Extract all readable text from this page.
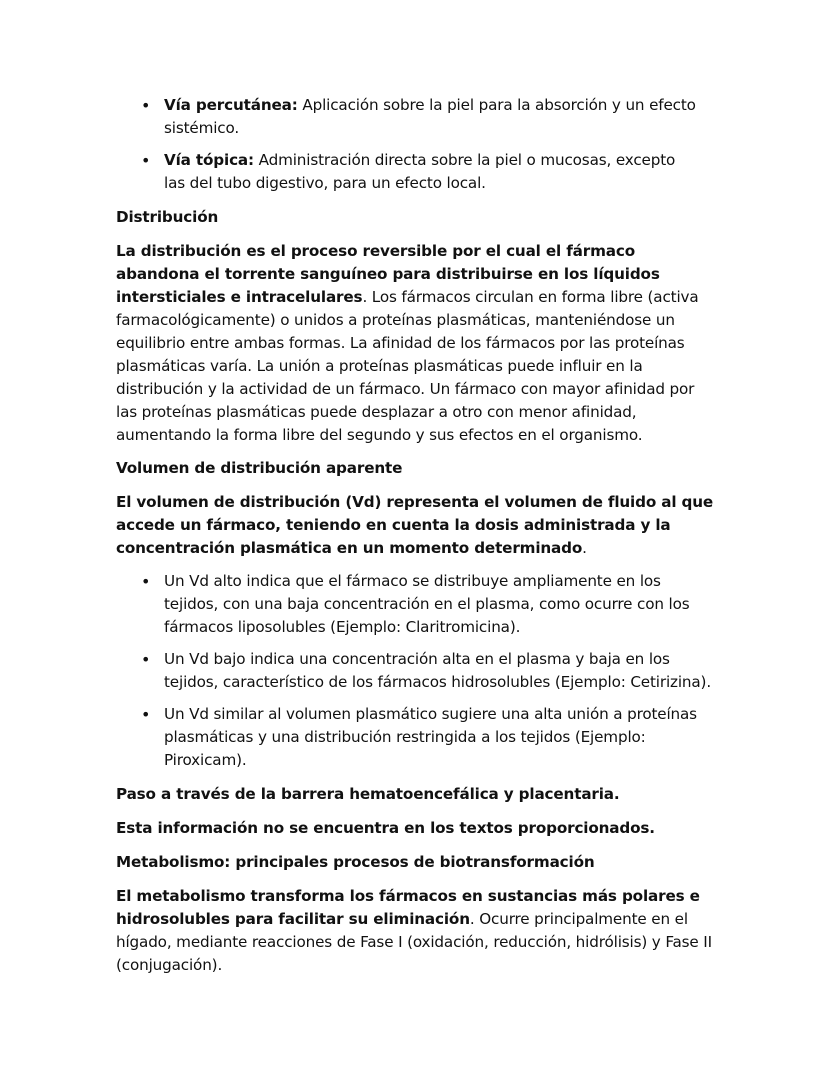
• Vía percutánea: Aplicación sobre la piel para la absorción y un efecto sistémico.
• Vía tópica: Administración directa sobre la piel o mucosas, excepto las del tubo digestivo, para un efecto local.

Distribución

La distribución es el proceso reversible por el cual el fármaco abandona el torrente sanguíneo para distribuirse en los líquidos intersticiales e intracelulares. Los fármacos circulan en forma libre (activa farmacológicamente) o unidos a proteínas plasmáticas, manteniéndose un equilibrio entre ambas formas. La afinidad de los fármacos por las proteínas plasmáticas varía. La unión a proteínas plasmáticas puede influir en la distribución y la actividad de un fármaco. Un fármaco con mayor afinidad por las proteínas plasmáticas puede desplazar a otro con menor afinidad, aumentando la forma libre del segundo y sus efectos en el organismo.

Volumen de distribución aparente

El volumen de distribución (Vd) representa el volumen de fluido al que accede un fármaco, teniendo en cuenta la dosis administrada y la concentración plasmática en un momento determinado.

• Un Vd alto indica que el fármaco se distribuye ampliamente en los tejidos, con una baja concentración en el plasma, como ocurre con los fármacos liposolubles (Ejemplo: Claritromicina).
• Un Vd bajo indica una concentración alta en el plasma y baja en los tejidos, característico de los fármacos hidrosolubles (Ejemplo: Cetirizina).
• Un Vd similar al volumen plasmático sugiere una alta unión a proteínas plasmáticas y una distribución restringida a los tejidos (Ejemplo: Piroxicam).

Paso a través de la barrera hematoencefálica y placentaria.

Esta información no se encuentra en los textos proporcionados.

Metabolismo: principales procesos de biotransformación

El metabolismo transforma los fármacos en sustancias más polares e hidrosolubles para facilitar su eliminación. Ocurre principalmente en el hígado, mediante reacciones de Fase I (oxidación, reducción, hidrólisis) y Fase II (conjugación).
